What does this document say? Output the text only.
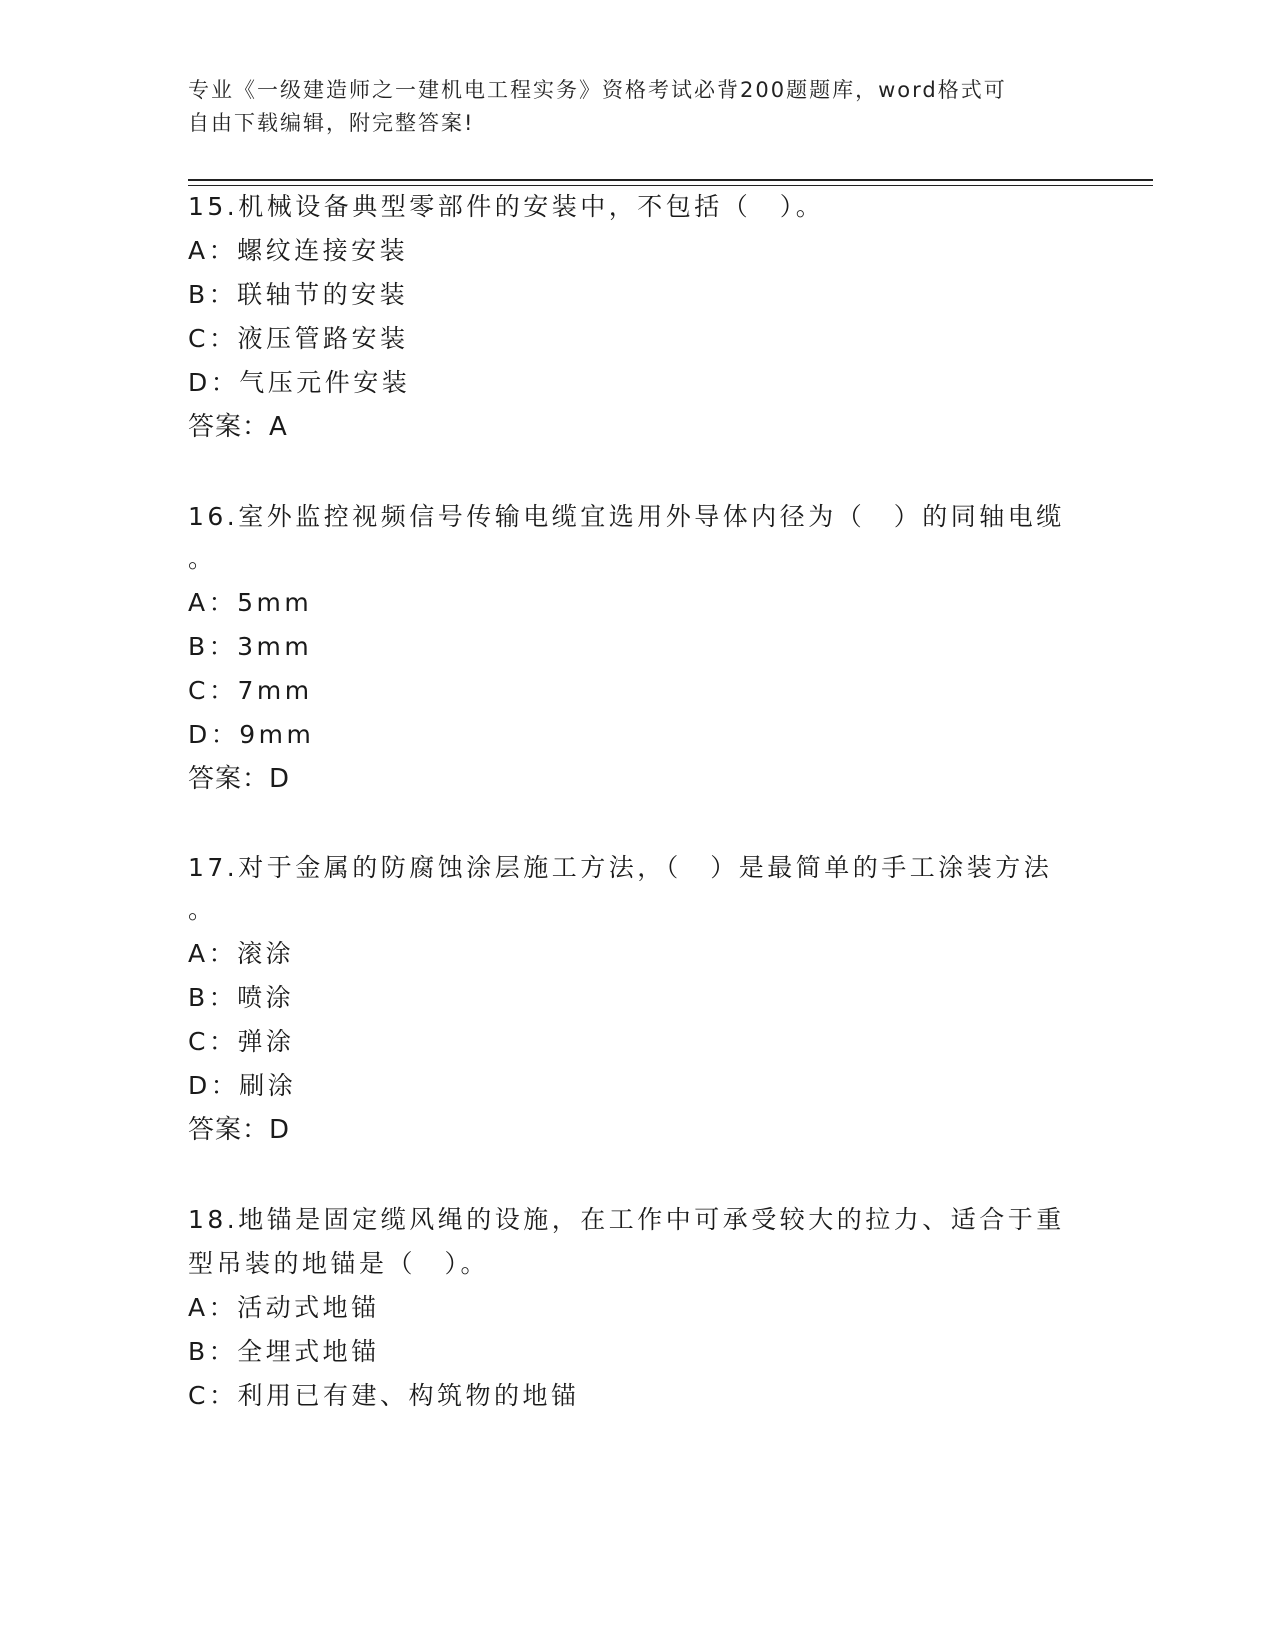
专业《一级建造师之一建机电工程实务》资格考试必背200题题库，word格式可
自由下载编辑，附完整答案!
15.机械设备典型零部件的安装中，不包括（　）。
A：螺纹连接安装
B：联轴节的安装
C：液压管路安装
D：气压元件安装
答案：A
16.室外监控视频信号传输电缆宜选用外导体内径为（　）的同轴电缆
。
A：5mm
B：3mm
C：7mm
D：9mm
答案：D
17.对于金属的防腐蚀涂层施工方法，（　）是最简单的手工涂装方法
。
A：滚涂
B：喷涂
C：弹涂
D：刷涂
答案：D
18.地锚是固定缆风绳的设施，在工作中可承受较大的拉力、适合于重
型吊装的地锚是（　）。
A：活动式地锚
B：全埋式地锚
C：利用已有建、构筑物的地锚
